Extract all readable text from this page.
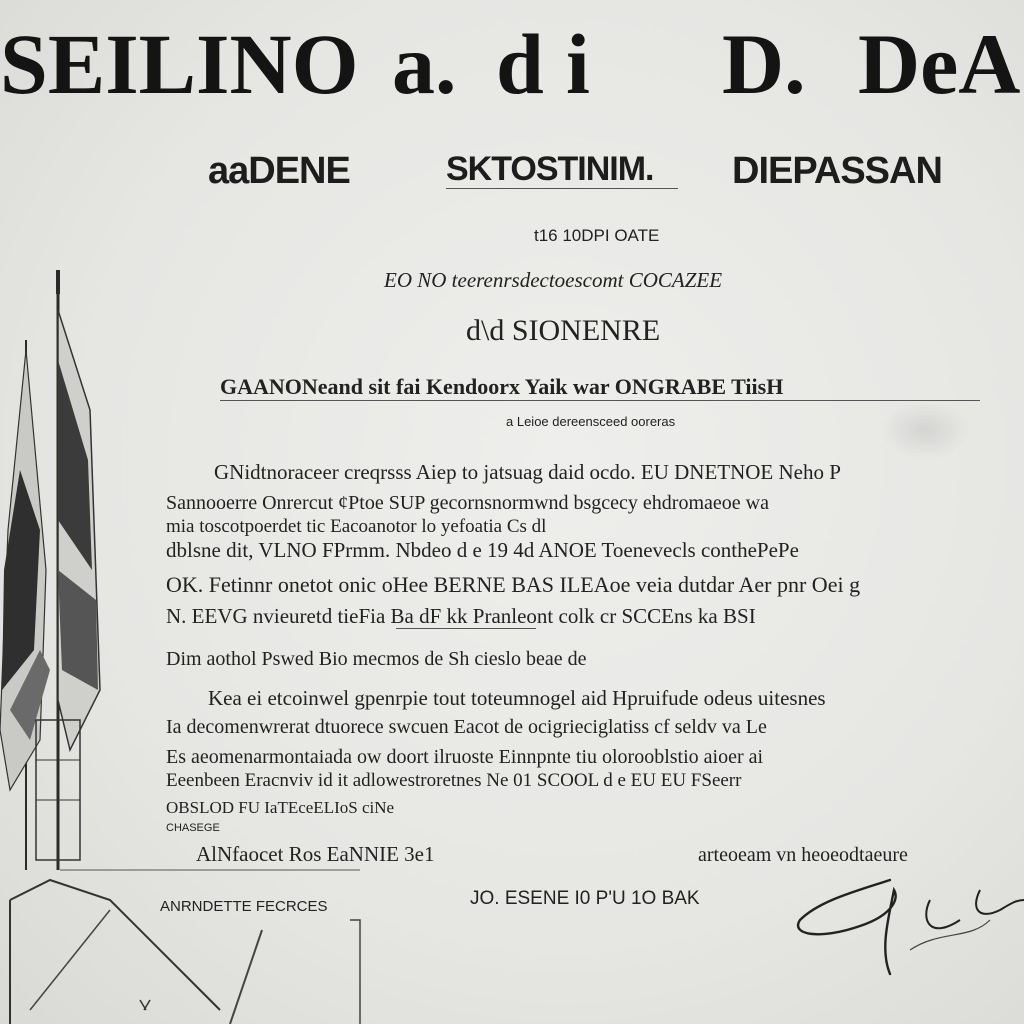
SEILINO a. d i D. DeA
aaDENE	SKTOSTINIM. DIEPASSAN
t16 10DPI OATE
EO NO teerenrsdectoescomt COCAZEE
d\d SIONENRE
GAANONeand sit fai Kendoorx Yaik war ONGRABE TiisH
a Leioe dereensceed ooreras
GNidtnoraceer creqrsss Aiep to jatsuag daid ocdo. EU DNETNOE Neho P
Sannooerre Onrercut ¢Ptoe SUP gecornsnormwnd bsgcecy ehdromaeoe wa
mia toscotpoerdet tic Eacoanotor lo yefoatia Cs dl
dblsne dit, VLNO FPrmm. Nbdeo d e 19 4d ANOE Toenevecls conthePePe
OK. Fetinnr onetot onic oHee BERNE BAS ILEAoe veia dutdar Aer pnr Oei g
N. EEVG nvieuretd tieFia Ba dF kk Pranleont colk cr SCCEns ka BSI
Dim aothol Pswed Bio mecmos de Sh cieslo beae de
Kea ei etcoinwel gpenrpie tout toteumnogel aid Hpruifude odeus uitesnes
Ia decomenwrerat dtuorece swcuen Eacot de ocigrieciglatiss cf seldv va Le
Es aeomenarmontaiada ow doort ilruoste Einnpnte tiu olorooblstio aioer ai
Eeenbeen Eracnviv id it adlowestroretnes Ne 01 SCOOL d e EU EU FSeerr
OBSLOD FU IaTEceELIoS ciNe
CHASEGE
AlNfaocet Ros EaNNIE 3e1	arteoeam vn heoeodtaeure
JO. ESENE I0 P'U 1O BAK
ANRNDETTE FECRCES
